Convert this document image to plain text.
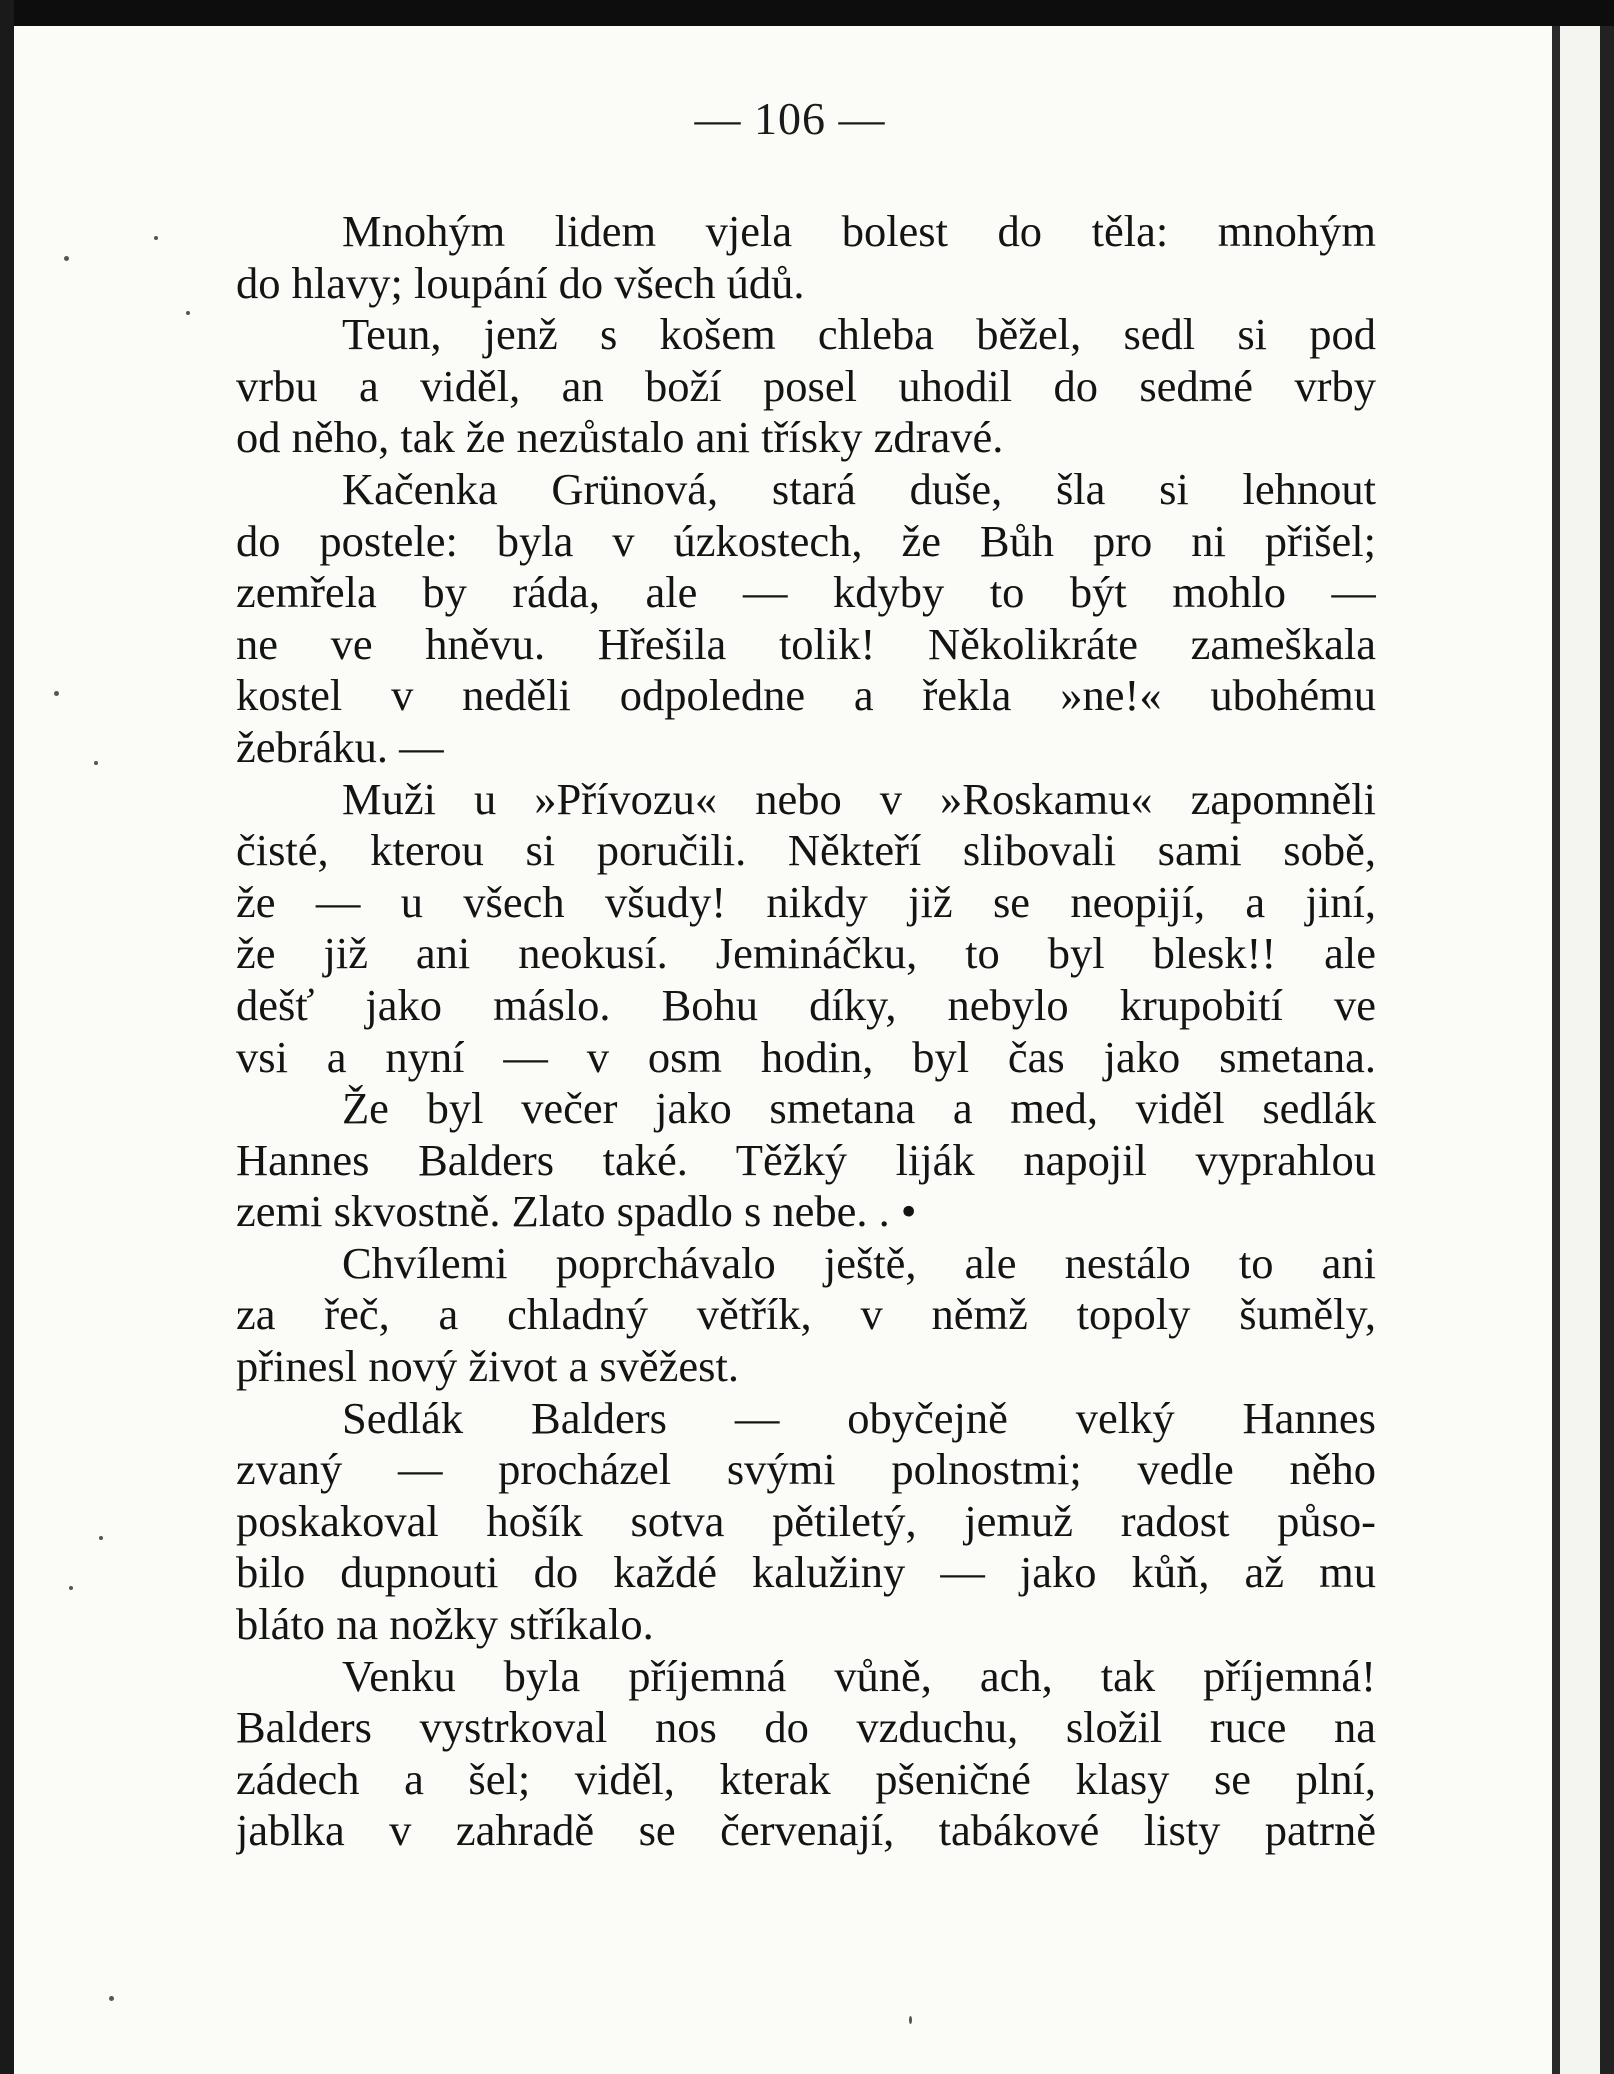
— 106 —
Mnohým lidem vjela bolest do těla: mnohým
do hlavy; loupání do všech údů.
Teun, jenž s košem chleba běžel, sedl si pod
vrbu a viděl, an boží posel uhodil do sedmé vrby
od něho, tak že nezůstalo ani třísky zdravé.
Kačenka Grünová, stará duše, šla si lehnout
do postele: byla v úzkostech, že Bůh pro ni přišel;
zemřela by ráda, ale — kdyby to být mohlo —
ne ve hněvu. Hřešila tolik! Několikráte zameškala
kostel v neděli odpoledne a řekla »ne!« ubohému
žebráku. —
Muži u »Přívozu« nebo v »Roskamu« zapomněli
čisté, kterou si poručili. Někteří slibovali sami sobě,
že — u všech všudy! nikdy již se neopijí, a jiní,
že již ani neokusí. Jemináčku, to byl blesk!! ale
dešť jako máslo. Bohu díky, nebylo krupobití ve
vsi a nyní — v osm hodin, byl čas jako smetana.
Že byl večer jako smetana a med, viděl sedlák
Hannes Balders také. Těžký liják napojil vyprahlou
zemi skvostně. Zlato spadlo s nebe. . •
Chvílemi poprchávalo ještě, ale nestálo to ani
za řeč, a chladný větřík, v němž topoly šuměly,
přinesl nový život a svěžest.
Sedlák Balders — obyčejně velký Hannes
zvaný — procházel svými polnostmi; vedle něho
poskakoval hošík sotva pětiletý, jemuž radost půso-
bilo dupnouti do každé kalužiny — jako kůň, až mu
bláto na nožky stříkalo.
Venku byla příjemná vůně, ach, tak příjemná!
Balders vystrkoval nos do vzduchu, složil ruce na
zádech a šel; viděl, kterak pšeničné klasy se plní,
jablka v zahradě se červenají, tabákové listy patrně
